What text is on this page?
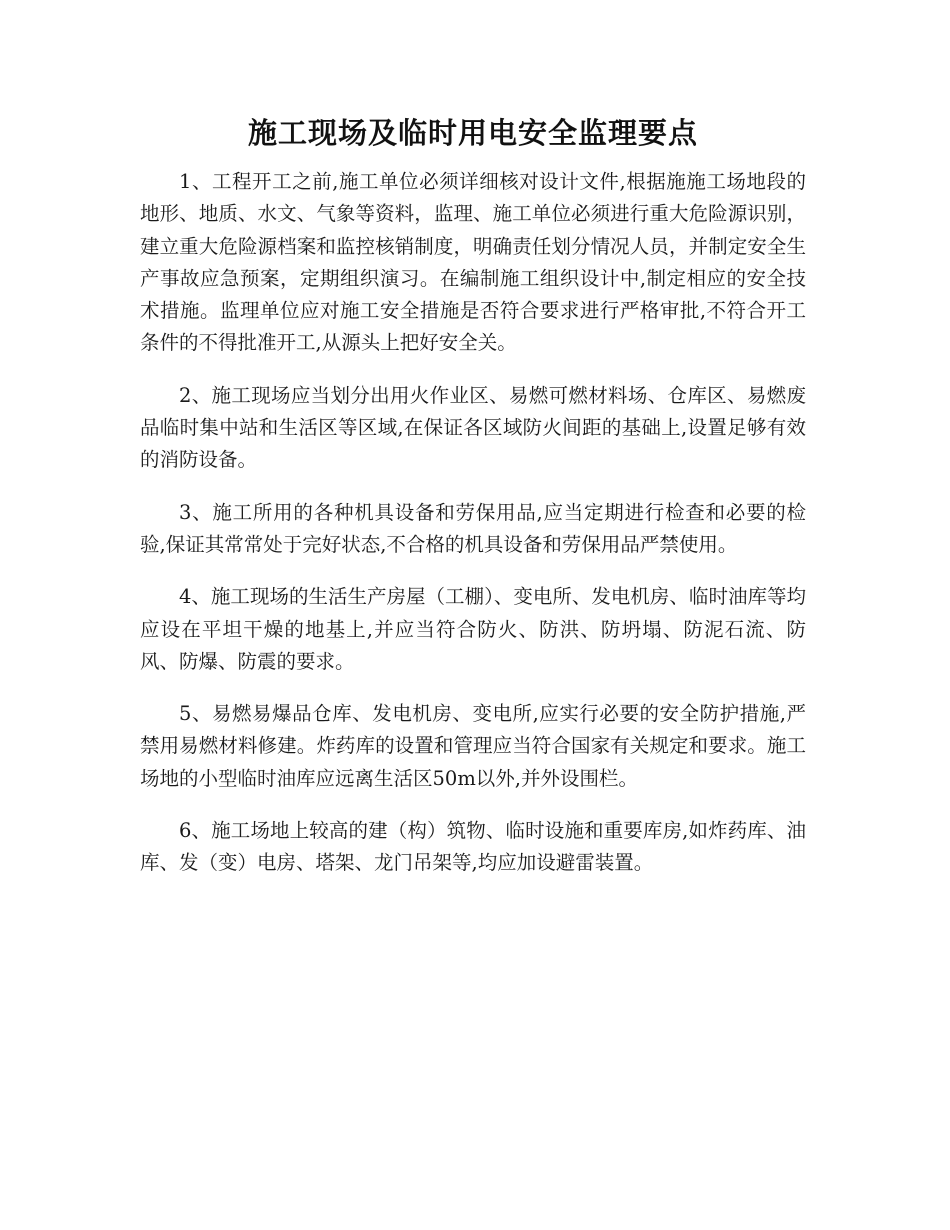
施工现场及临时用电安全监理要点

1、工程开工之前,施工单位必须详细核对设计文件,根据施施工场地段的地形、地质、水文、气象等资料，监理、施工单位必须进行重大危险源识别，建立重大危险源档案和监控核销制度，明确责任划分情况人员，并制定安全生产事故应急预案，定期组织演习。在编制施工组织设计中,制定相应的安全技术措施。监理单位应对施工安全措施是否符合要求进行严格审批,不符合开工条件的不得批准开工,从源头上把好安全关。

2、施工现场应当划分出用火作业区、易燃可燃材料场、仓库区、易燃废品临时集中站和生活区等区域,在保证各区域防火间距的基础上,设置足够有效的消防设备。

3、施工所用的各种机具设备和劳保用品,应当定期进行检查和必要的检验,保证其常常处于完好状态,不合格的机具设备和劳保用品严禁使用。

4、施工现场的生活生产房屋（工棚）、变电所、发电机房、临时油库等均应设在平坦干燥的地基上,并应当符合防火、防洪、防坍塌、防泥石流、防风、防爆、防震的要求。

5、易燃易爆品仓库、发电机房、变电所,应实行必要的安全防护措施,严禁用易燃材料修建。炸药库的设置和管理应当符合国家有关规定和要求。施工场地的小型临时油库应远离生活区50m以外,并外设围栏。

6、施工场地上较高的建（构）筑物、临时设施和重要库房,如炸药库、油库、发（变）电房、塔架、龙门吊架等,均应加设避雷装置。
